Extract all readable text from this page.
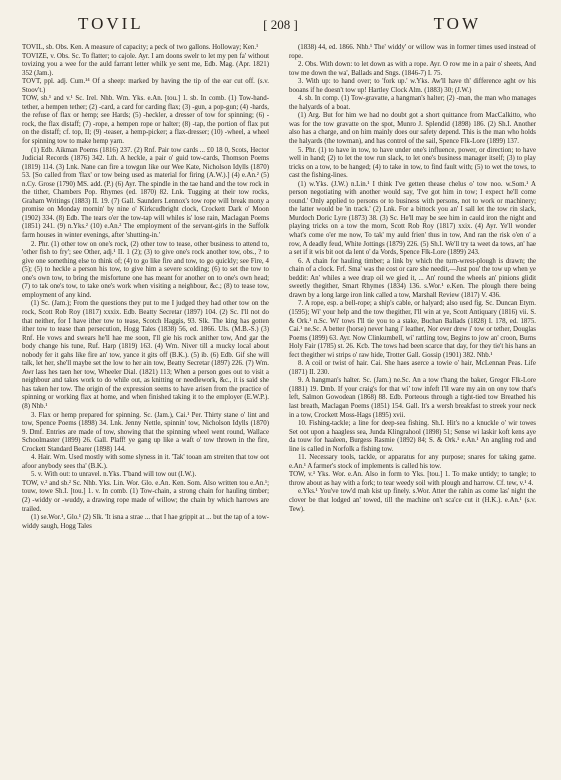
TOVIL	[ 208 ]	TOW

TOVIL, sb. Obs. Ken. A measure of capacity; a peck of two gallons. Holloway; Ken.¹

TOVIZE, v. Obs. Sc. To flatter; to cajole. Ayr. I am doons swelr to let my pen fa' without tovizing you a wee for the auld farrant letter whilk ye sent me, Edb. Mag. (Apr. 1821) 352 (Jam.).

TOVT, ppl. adj. Cum.¹⁴ Of a sheep: marked by having the tip of the ear cut off. (s.v. Stoov't.)

TOW, sb.¹ and v.¹ Sc. Irel. Nhb. Wm. Yks. e.An. [tou.] 1. sb. In comb. (1) Tow-hand-tether, a hempen tether; (2) -card, a card for carding flax; (3) -gun, a pop-gun; (4) -hards, the refuse of flax or hemp; see Hards; (5) -heckler, a dresser of tow for spinning; (6) -rock, the flax distaff; (7) -rope, a hempen rope or halter; (8) -tap, the portion of flax put on the distaff; cf. top, II; (9) -teaser, a hemp-picker; a flax-dresser; (10) -wheel, a wheel for spinning tow to make hemp yarn.

(1) Edb. Aikman Poems (1816) 237. (2) Rnf. Pair tow cards ... £0 18 0, Scots, Hector Judicial Records (1876) 342. Lth. A heckle, a pair o' guid tow-cards, Thomson Poems (1819) 114. (3) Lnk. Nane can fire a towgun like our Wee Kate, Nicholson Idylls (1870) 53. [So called from 'flax' or tow being used as material for firing (A.W.).] (4) e.An.² (5) n.Cy. Grose (1790) MS. add. (P.) (6) Ayr. The spindle in the tae hand and the tow rock in the tither, Chambers Pop. Rhymes (ed. 1870) 82. Lnk. Tugging at their tow rocks, Graham Writings (1883) II. 19. (7) Gall. Saunders Lennox's tow rope will break mony a promise on Monday mornin' by nine o' Kirkcudbright clock, Crockett Dark o' Moon (1902) 334. (8) Edb. The tears o'er the tow-tap will whiles is' lose rain, Maclagan Poems (1851) 241. (9) n.Yks.² (10) e.An.² The employment of the servant-girls in the Suffolk farm houses in winter evenings, after 'shutting-in.'

2. Phr. (1) other tow on one's rock, (2) other tow to tease, other business to attend to, 'other fish to fry'; see Other, adj.¹ II. 1 (2); (3) to give one's rock another tow, obs., ? to give one something else to think of; (4) to go like fire and tow, to go quickly; see Fire, 4 (5); (5) to heckle a person his tow, to give him a severe scolding; (6) to set the tow to one's own tow, to bring the misfortune one has meant for another on to one's own head; (7) to tak one's tow, to take one's work when visiting a neighbour, &c.; (8) to tease tow, employment of any kind.

(1) Sc. (Jam.); From the questions they put to me I judged they had other tow on the rock, Scott Rob Roy (1817) xxxix. Edb. Beatty Secretar (1897) 104. (2) Sc. I'll not do that neither, for I have ither tow to tease, Scotch Haggis, 93. Slk. The king has gotten ither tow to tease than persecution, Hogg Tales (1838) 56, ed. 1866. Uls. (M.B.-S.) (3) Rnf. He vows and swears he'll hae me soon, I'll gie his rock anither tow, And gar the body change his tune, Ruf. Harp (1819) 163. (4) Wm. Niver till a mucky local about nobody fer it gahs like fire an' tow, yance it gits off (B.K.). (5) ib. (6) Edb. Gif she will talk, let her, she'll maybe set the low to her ain tow, Beatty Secretar (1897) 226. (7) Wm. Awr lass hes taen her tow, Wheeler Dial. (1821) 113; When a person goes out to visit a neighbour and takes work to do while out, as knitting or needlework, &c., it is said she has taken her tow. The origin of the expression seems to have arisen from the practice of spinning or working flax at home, and when finished taking it to the employer (E.W.P.). (8) Nhb.¹

3. Flax or hemp prepared for spinning. Sc. (Jam.), Cai.¹ Per. Thirty stane o' lint and tow, Spence Poems (1898) 34. Lnk. Jenny Nettle, spinnin' tow, Nicholson Idylls (1870) 9. Dmf. Entries are made of tow, showing that the spinning wheel went round, Wallace Schoolmaster (1899) 26. Gall. Plaff! ye gang up like a waft o' tow thrown in the fire, Crockett Standard Bearer (1898) 144.

4. Hair. Wm. Used mostly with some slyness in it. 'Tak' tooan am streiten that tow oot afoor anybody sees tha' (B.K.).

5. v. With out: to unravel. n.Yks. T'band will tow out (I.W.).

TOW, v.² and sb.² Sc. Nhb. Yks. Lin. Wor. Glo. e.An. Ken. Som. Also written tou e.An.¹; touw, towe Sh.I. [tou.] 1. v. In comb. (1) Tow-chain, a strong chain for hauling timber; (2) -widdy or -wuddy, a drawing rope made of willow; the chain by which harrows are trailed.

(1) se.Wor.¹, Glo.¹ (2) Slk. 'It isna a strae ... that I hae grippit at ... but the tap of a tow-widdy saugh, Hogg Tales

(1838) 44, ed. 1866. Nhb.¹ The' widdy' or willow was in former times used instead of rope.

2. Obs. With down: to let down as with a rope. Ayr. O row me in a pair o' sheets, And tow me down the wa', Ballads and Sngs. (1846-7) I. 75.

3. With up: to hand over; to 'fork up.' w.Yks. Aw'll have th' difference aght ov his booans if he doesn't tow up! Hartley Clock Alm. (1883) 30; (J.W.)

4. sb. In comp. (1) Tow-gravatte, a hangman's halter; (2) -man, the man who manages the halyards of a boat.

(1) Arg. But for him we had no doubt got a short quittance from MacCalkitto, who was for the tow gravatte on the spot, Munro J. Splendid (1898) 186. (2) Sh.I. Another also has a charge, and on him mainly does our safety depend. This is the man who holds the halyards (the towman), and has control of the sail, Spence Flk-Lore (1899) 137.

5. Phr. (1) to have in tow, to have under one's influence, power, or direction; to have well in hand; (2) to let the tow run slack, to let one's business manager itself; (3) to play tricks on a tow, to be hanged; (4) to take in tow, to find fault with; (5) to wet the tows, to cast the fishing-lines.

(1) w.Yks. (J.W.) n.Lin.¹ I think I've getten thease chelus o' tow noo. w.Som.¹ A person negotiating with another would say, 'I've got him in tow; I expect he'll come round.' Only applied to persons or to business with persons, not to work or machinery; the latter would be 'in track.' (2) Lnk. For a bittock you an' I sall let the tow rin slack, Murdoch Doric Lyre (1873) 38. (3) Sc. He'll may be see him in cauld iron the night and playing tricks on a tow the morn, Scott Rob Roy (1817) xxix. (4) Ayr. Ye'll wonder what's come o'er me now, To tak' my auld frien' thus in tow, And ran the risk o'en o' a row, A deadly feud, White Jottings (1879) 226. (5) Sh.I. We'll try ta weet da tows, an' hae a set if it wis bit oot da lent o' da Vords, Spence Flk-Lore (1899) 243.

6. A chain for hauling timber; a link by which the turn-wrest-plough is drawn; the chain of a clock. Frf. Sma' was the cost or care she needit,—Just pou' the tow up when ye beddit: An' whiles a wee drap oil we gied it, ... An' round the wheels an' pinions glidit sweetly thegither, Smart Rhymes (1834) 136. s.Wor.¹ e.Ken. The plough there being drawn by a long large iron link called a tow, Marshall Review (1817) V. 436.

7. A rope, esp. a bell-rope; a ship's cable, or halyard; also used fig. Sc. Duncan Etym. (1595); Wi' your help and the tow thegither, I'll win at ye, Scott Antiquary (1816) vii. S. & Ork.¹ n.Sc. Wi' tows I'll tie you to a stake, Buchan Ballads (1828) I. 178, ed. 1875. Cai.¹ ne.Sc. A better (horse) never hang i' leather, Nor ever drew i' tow or tether, Douglas Poems (1899) 63. Ayr. Now Clinkumbell, wi' rattling tow, Begins to jow an' croon, Burns Holy Fair (1785) st. 26. Kcb. The tows had been scarce that day, for they tie't his hans an fect thegither wi strips o' raw hide, Trotter Gall. Gossip (1901) 382. Nhb.¹

8. A coil or twist of hair. Cai. She haes aserce a towie o' hair, McLennan Peas. Life (1871) II. 230.

9. A hangman's halter. Sc. (Jam.) ne.Sc. An a tow t'hang the baker, Gregor Flk-Lore (1881) 19. Dmb. If your craig's for that wi' tow infeft I'll ware my ain on ony tow that's left, Salmon Gowodean (1868) 88. Edb. Porteous through a tight-tied tow Breathed his last breath, Maclagan Poems (1851) 154. Gall. It's a wersh breakfast to streek your neck in a tow, Crockett Moss-Hags (1895) xvii.

10. Fishing-tackle; a line for deep-sea fishing. Sh.I. Hit's no a knuckle o' wir towes Set oot upon a haagless sea, Junda Klingrahool (1898) 51; Sense wi laskir koft kens aye da touw for haaleen, Burgess Rasmie (1892) 84; S. & Ork.¹ e.An.¹ An angling rod and line is called in Norfolk a fishing tow.

11. Necessary tools, tackle, or apparatus for any purpose; snares for taking game. e.An.¹ A farmer's stock of implements is called his tow.

TOW, v.³ Yks. Wor. e.An. Also in form to Yks. [tou.] 1. To make untidy; to tangle; to throw about as hay with a fork; to tear weedy soil with plough and harrow. Cf. tew, v.¹ 4.

e.Yks.¹ You've tow'd mah kist up finely. s.Wor. Atter the rahin as come las' night the clover be that lodged an' towed, till the machine on't sca'ce cut it (H.K.). e.An.¹ (s.v. Tew).
